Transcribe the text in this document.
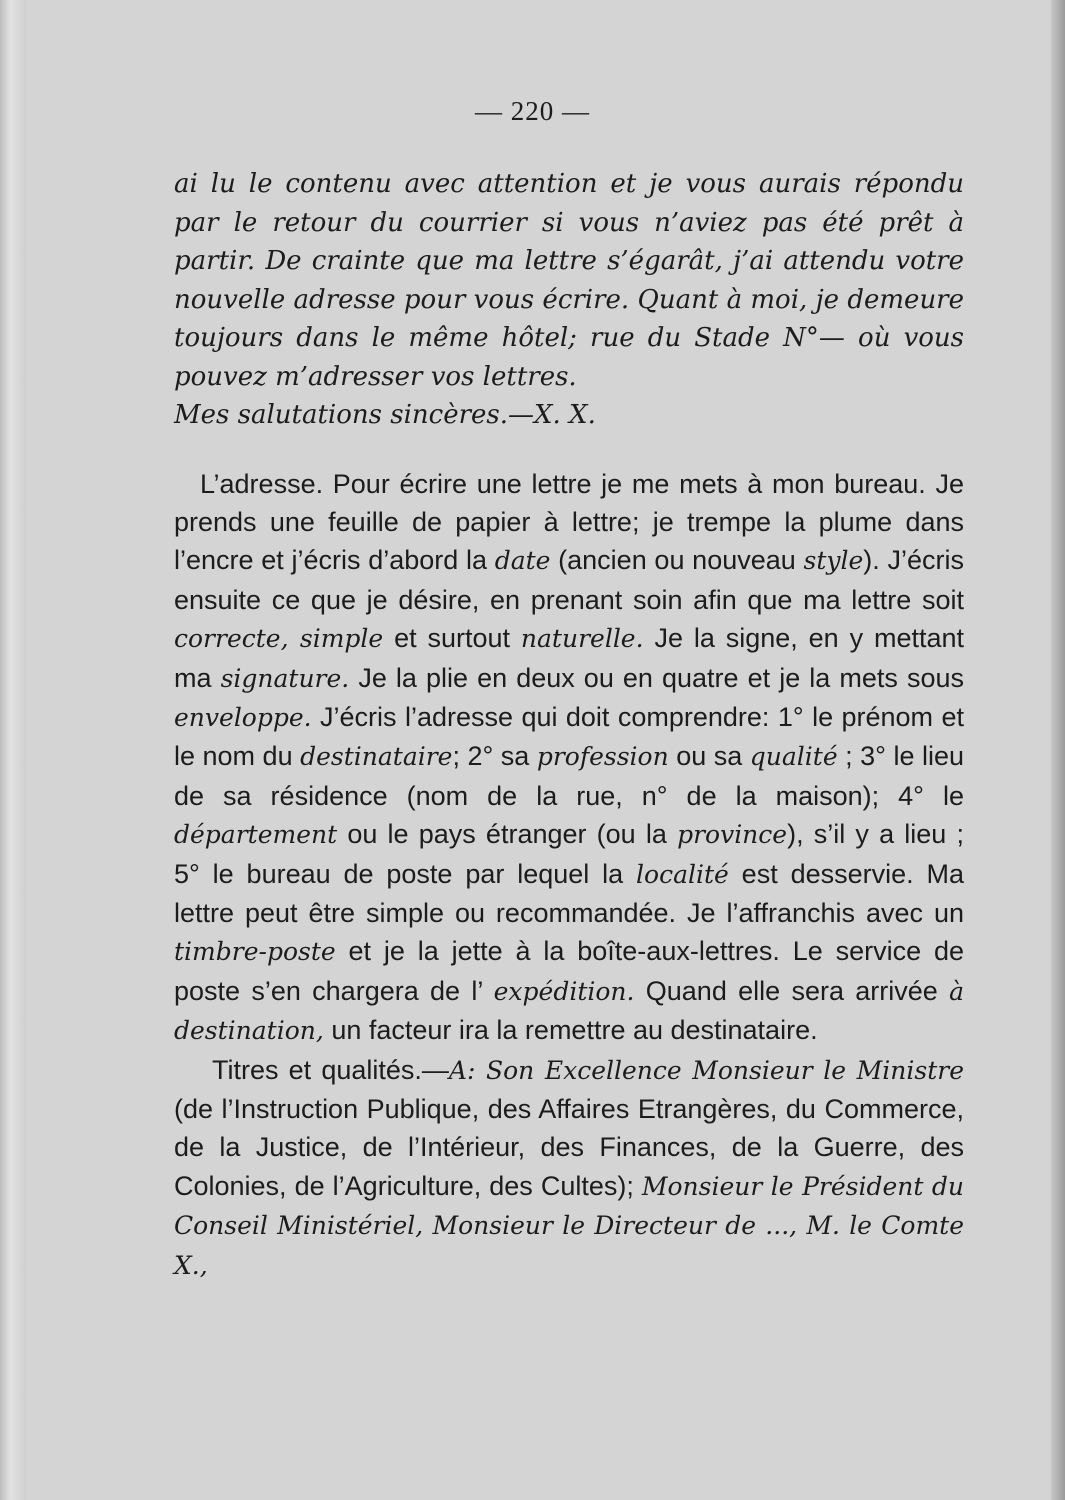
— 220 —

ai lu le contenu avec attention et je vous aurais répondu par le retour du courrier si vous n’aviez pas été prêt à partir. De crainte que ma lettre s’égarât, j’ai attendu votre nouvelle adresse pour vous écrire. Quant à moi, je demeure toujours dans le même hôtel; rue du Stade N°— où vous pouvez m’adresser vos lettres.

Mes salutations sincères.—X. X.

L’adresse. Pour écrire une lettre je me mets à mon bureau. Je prends une feuille de papier à lettre; je trempe la plume dans l’encre et j’écris d’abord la date (ancien ou nouveau style). J’écris ensuite ce que je désire, en prenant soin afin que ma lettre soit correcte, simple et surtout naturelle. Je la signe, en y mettant ma signature. Je la plie en deux ou en quatre et je la mets sous enveloppe. J’écris l’adresse qui doit comprendre: 1° le prénom et le nom du destinataire; 2° sa profession ou sa qualité ; 3° le lieu de sa résidence (nom de la rue, n° de la maison); 4° le département ou le pays étranger (ou la province), s’il y a lieu ; 5° le bureau de poste par lequel la localité est desservie. Ma lettre peut être simple ou recommandée. Je l’affranchis avec un timbre-poste et je la jette à la boîte-aux-lettres. Le service de poste s’en chargera de l’ expédition. Quand elle sera arrivée à destination, un facteur ira la remettre au destinataire.

Titres et qualités.—A: Son Excellence Monsieur le Ministre (de l’Instruction Publique, des Affaires Etrangères, du Commerce, de la Justice, de l’Intérieur, des Finances, de la Guerre, des Colonies, de l’Agriculture, des Cultes); Monsieur le Président du Conseil Ministériel, Monsieur le Directeur de ..., M. le Comte X.,
